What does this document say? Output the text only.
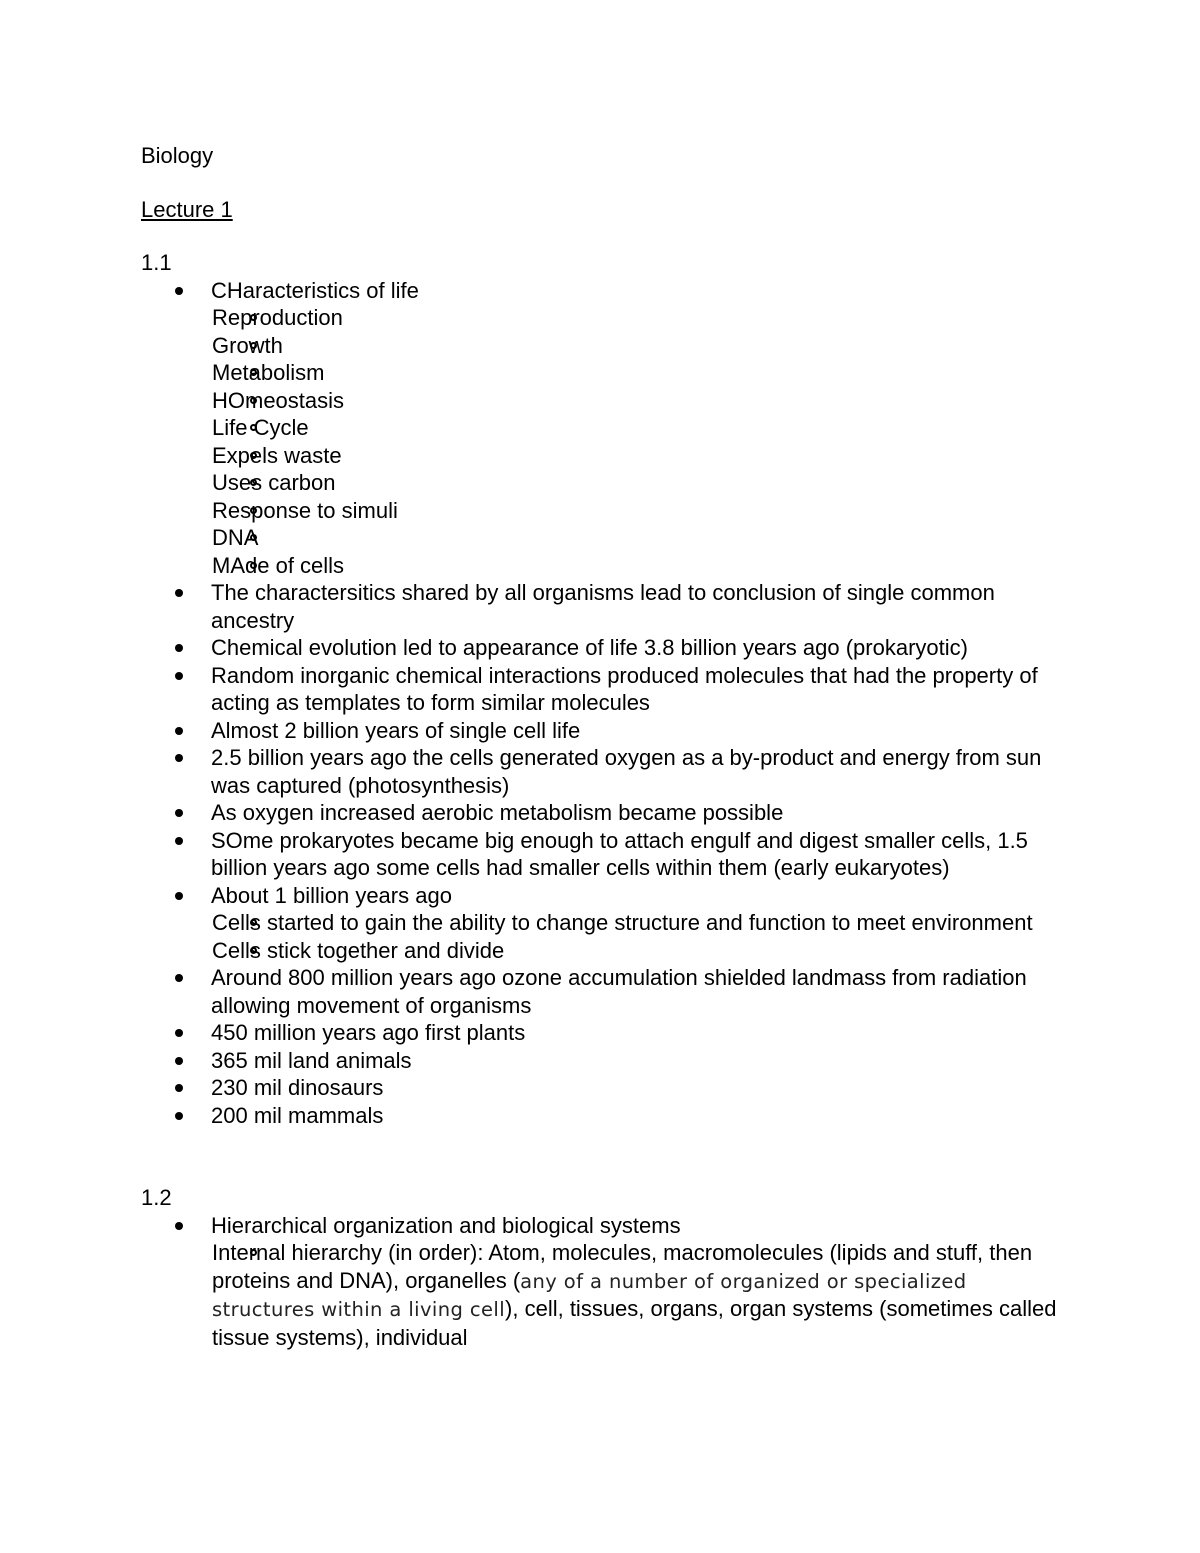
Biology

Lecture 1

1.1

CHaracteristics of life
Reproduction
Growth
Metabolism
HOmeostasis
Life Cycle
Expels waste
Uses carbon
Response to simuli
DNA
MAde of cells
The charactersitics shared by all organisms lead to conclusion of single common ancestry
Chemical evolution led to appearance of life 3.8 billion years ago (prokaryotic)
Random inorganic chemical interactions produced molecules that had the property of acting as templates to form similar molecules
Almost 2 billion years of single cell life
2.5 billion years ago the cells generated oxygen as a by-product and energy from sun was captured (photosynthesis)
As oxygen increased aerobic metabolism became possible
SOme prokaryotes became big enough to attach engulf and digest smaller cells, 1.5 billion years ago some cells had smaller cells within them (early eukaryotes)
About 1 billion years ago
Cells started to gain the ability to change structure and function to meet environment
Cells stick together and divide
Around 800 million years ago ozone accumulation shielded landmass from radiation allowing movement of organisms
450 million years ago first plants
365 mil land animals
230 mil dinosaurs
200 mil mammals

1.2

Hierarchical organization and biological systems
Internal hierarchy (in order): Atom, molecules, macromolecules (lipids and stuff, then proteins and DNA), organelles (any of a number of organized or specialized structures within a living cell), cell, tissues, organs, organ systems (sometimes called tissue systems), individual
